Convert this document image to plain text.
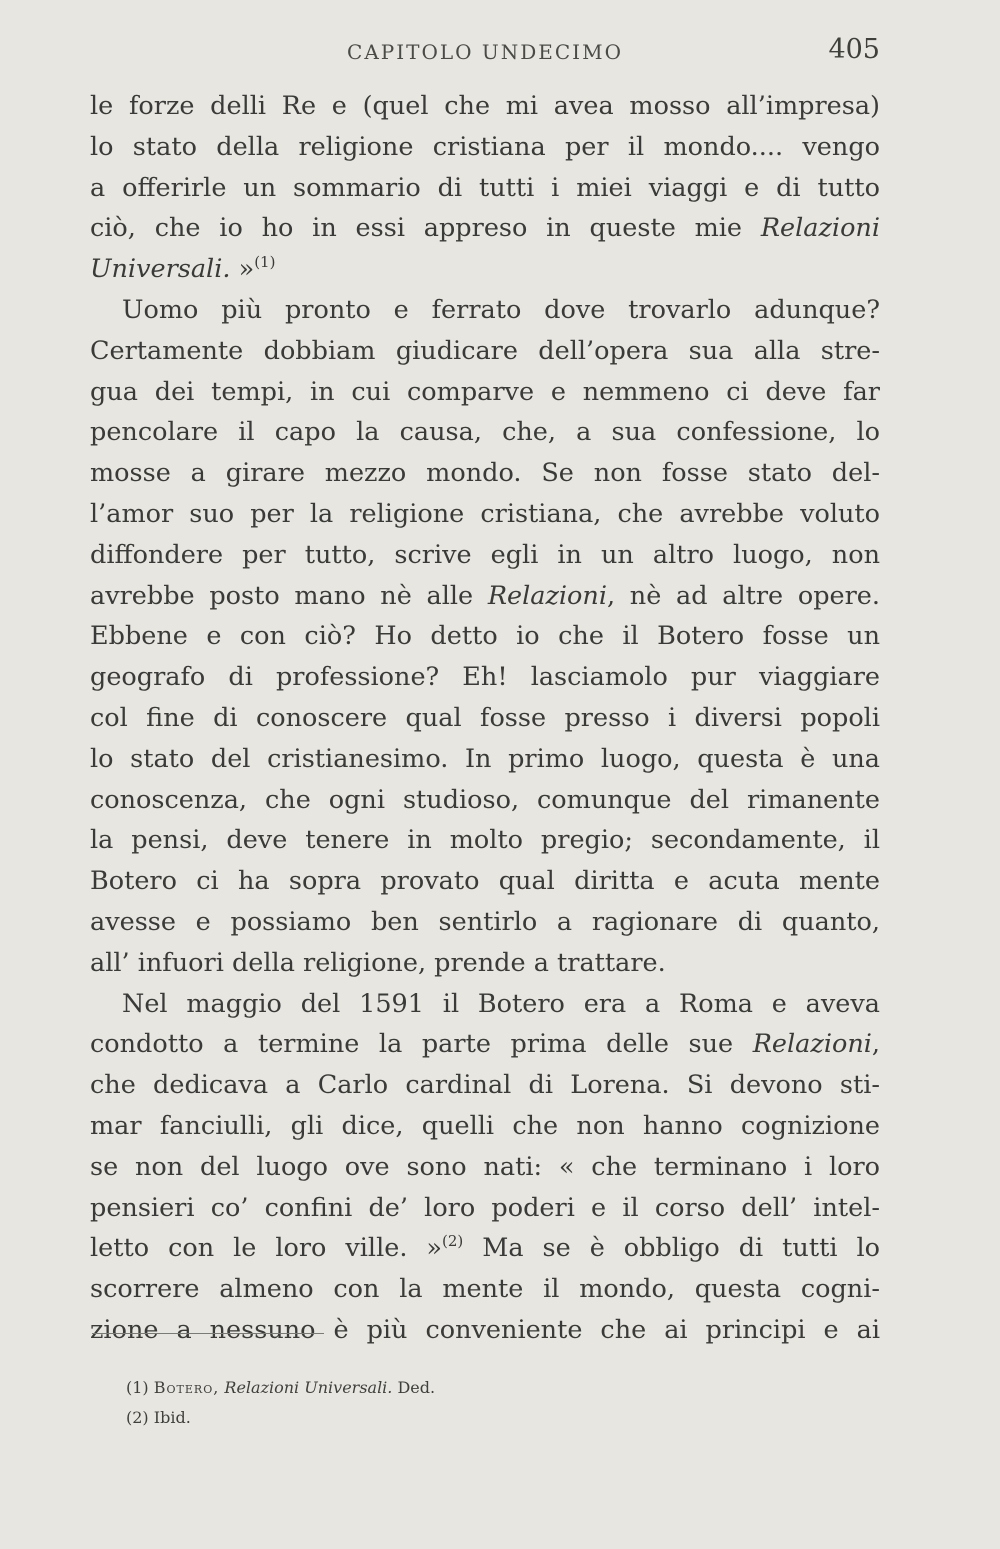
CAPITOLO UNDECIMO	405
le forze delli Re e (quel che mi avea mosso all’impresa)
lo stato della religione cristiana per il mondo.... vengo
a offerirle un sommario di tutti i miei viaggi e di tutto
ciò, che io ho in essi appreso in queste mie Relazioni
Universali. »$^{(1)}$
Uomo più pronto e ferrato dove trovarlo adunque?
Certamente dobbiam giudicare dell’opera sua alla stre-
gua dei tempi, in cui comparve e nemmeno ci deve far
pencolare il capo la causa, che, a sua confessione, lo
mosse a girare mezzo mondo. Se non fosse stato del-
l’amor suo per la religione cristiana, che avrebbe voluto
diffondere per tutto, scrive egli in un altro luogo, non
avrebbe posto mano nè alle Relazioni, nè ad altre opere.
Ebbene e con ciò? Ho detto io che il Botero fosse un
geografo di professione? Eh! lasciamolo pur viaggiare
col fine di conoscere qual fosse presso i diversi popoli
lo stato del cristianesimo. In primo luogo, questa è una
conoscenza, che ogni studioso, comunque del rimanente
la pensi, deve tenere in molto pregio; secondamente, il
Botero ci ha sopra provato qual diritta e acuta mente
avesse e possiamo ben sentirlo a ragionare di quanto,
all’ infuori della religione, prende a trattare.
Nel maggio del 1591 il Botero era a Roma e aveva
condotto a termine la parte prima delle sue Relazioni,
che dedicava a Carlo cardinal di Lorena. Si devono sti-
mar fanciulli, gli dice, quelli che non hanno cognizione
se non del luogo ove sono nati: « che terminano i loro
pensieri co’ confini de’ loro poderi e il corso dell’ intel-
letto con le loro ville. »$^{(2)}$ Ma se è obbligo di tutti lo
scorrere almeno con la mente il mondo, questa cogni-
zione a nessuno è più conveniente che ai principi e ai
(1) Botero, Relazioni Universali. Ded.
(2) Ibid.
